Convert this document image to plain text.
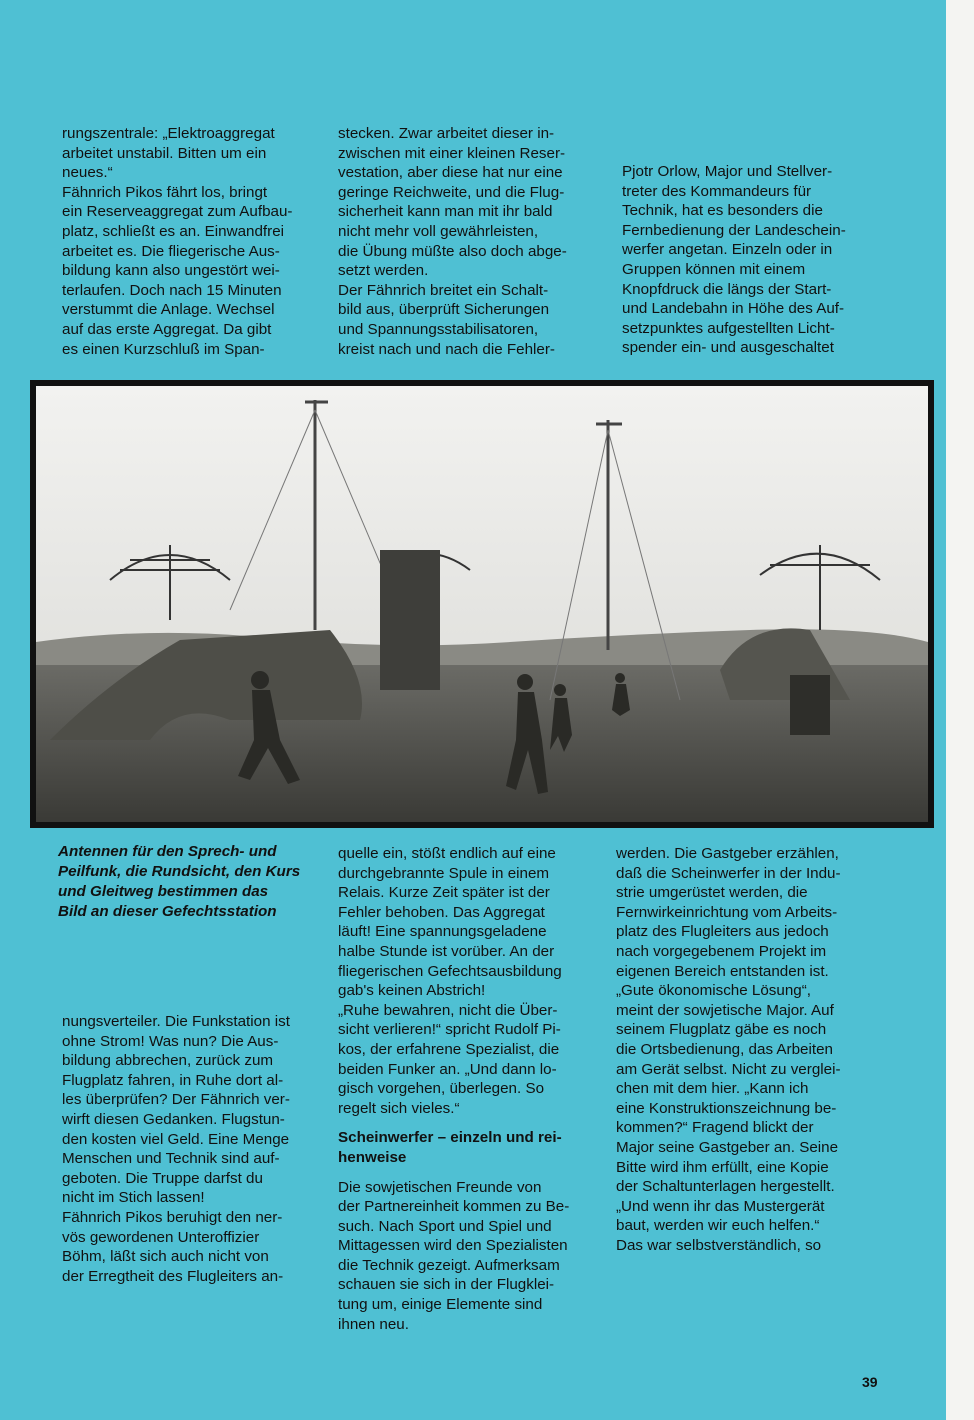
rungszentrale: „Elektroaggregat
arbeitet unstabil. Bitten um ein
neues.“
Fähnrich Pikos fährt los, bringt
ein Reserveaggregat zum Aufbau-
platz, schließt es an. Einwandfrei
arbeitet es. Die fliegerische Aus-
bildung kann also ungestört wei-
terlaufen. Doch nach 15 Minuten
verstummt die Anlage. Wechsel
auf das erste Aggregat. Da gibt
es einen Kurzschluß im Span-

stecken. Zwar arbeitet dieser in-
zwischen mit einer kleinen Reser-
vestation, aber diese hat nur eine
geringe Reichweite, und die Flug-
sicherheit kann man mit ihr bald
nicht mehr voll gewährleisten,
die Übung müßte also doch abge-
setzt werden.
Der Fähnrich breitet ein Schalt-
bild aus, überprüft Sicherungen
und Spannungsstabilisatoren,
kreist nach und nach die Fehler-

Pjotr Orlow, Major und Stellver-
treter des Kommandeurs für
Technik, hat es besonders die
Fernbedienung der Landeschein-
werfer angetan. Einzeln oder in
Gruppen können mit einem
Knopfdruck die längs der Start-
und Landebahn in Höhe des Auf-
setzpunktes aufgestellten Licht-
spender ein- und ausgeschaltet

Antennen für den Sprech- und
Peilfunk, die Rundsicht, den Kurs
und Gleitweg bestimmen das
Bild an dieser Gefechtsstation

nungsverteiler. Die Funkstation ist
ohne Strom! Was nun? Die Aus-
bildung abbrechen, zurück zum
Flugplatz fahren, in Ruhe dort al-
les überprüfen? Der Fähnrich ver-
wirft diesen Gedanken. Flugstun-
den kosten viel Geld. Eine Menge
Menschen und Technik sind auf-
geboten. Die Truppe darfst du
nicht im Stich lassen!
Fähnrich Pikos beruhigt den ner-
vös gewordenen Unteroffizier
Böhm, läßt sich auch nicht von
der Erregtheit des Flugleiters an-

quelle ein, stößt endlich auf eine
durchgebrannte Spule in einem
Relais. Kurze Zeit später ist der
Fehler behoben. Das Aggregat
läuft! Eine spannungsgeladene
halbe Stunde ist vorüber. An der
fliegerischen Gefechtsausbildung
gab's keinen Abstrich!
„Ruhe bewahren, nicht die Über-
sicht verlieren!“ spricht Rudolf Pi-
kos, der erfahrene Spezialist, die
beiden Funker an. „Und dann lo-
gisch vorgehen, überlegen. So
regelt sich vieles.“

Scheinwerfer – einzeln und rei-
henweise

Die sowjetischen Freunde von
der Partnereinheit kommen zu Be-
such. Nach Sport und Spiel und
Mittagessen wird den Spezialisten
die Technik gezeigt. Aufmerksam
schauen sie sich in der Flugklei-
tung um, einige Elemente sind
ihnen neu.

werden. Die Gastgeber erzählen,
daß die Scheinwerfer in der Indu-
strie umgerüstet werden, die
Fernwirkeinrichtung vom Arbeits-
platz des Flugleiters aus jedoch
nach vorgegebenem Projekt im
eigenen Bereich entstanden ist.
„Gute ökonomische Lösung“,
meint der sowjetische Major. Auf
seinem Flugplatz gäbe es noch
die Ortsbedienung, das Arbeiten
am Gerät selbst. Nicht zu verglei-
chen mit dem hier. „Kann ich
eine Konstruktionszeichnung be-
kommen?“ Fragend blickt der
Major seine Gastgeber an. Seine
Bitte wird ihm erfüllt, eine Kopie
der Schaltunterlagen hergestellt.
„Und wenn ihr das Mustergerät
baut, werden wir euch helfen.“
Das war selbstverständlich, so

39
